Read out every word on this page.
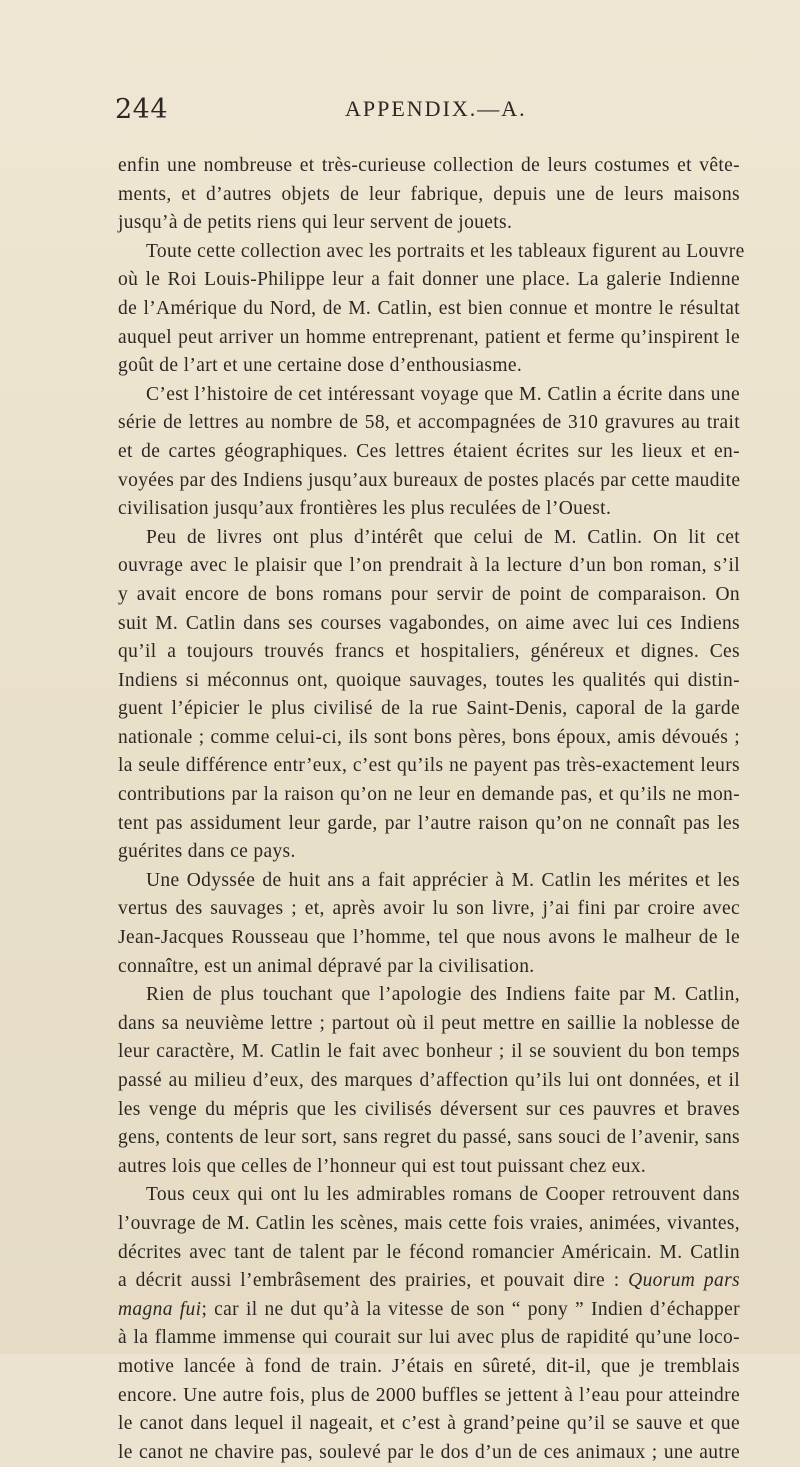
244	APPENDIX.—A.
enfin une nombreuse et très-curieuse collection de leurs costumes et vête-
ments, et d’autres objets de leur fabrique, depuis une de leurs maisons
jusqu’à de petits riens qui leur servent de jouets.
Toute cette collection avec les portraits et les tableaux figurent au Louvre
où le Roi Louis-Philippe leur a fait donner une place. La galerie Indienne
de l’Amérique du Nord, de M. Catlin, est bien connue et montre le résultat
auquel peut arriver un homme entreprenant, patient et ferme qu’inspirent le
goût de l’art et une certaine dose d’enthousiasme.
C’est l’histoire de cet intéressant voyage que M. Catlin a écrite dans une
série de lettres au nombre de 58, et accompagnées de 310 gravures au trait
et de cartes géographiques. Ces lettres étaient écrites sur les lieux et en-
voyées par des Indiens jusqu’aux bureaux de postes placés par cette maudite
civilisation jusqu’aux frontières les plus reculées de l’Ouest.
Peu de livres ont plus d’intérêt que celui de M. Catlin. On lit cet
ouvrage avec le plaisir que l’on prendrait à la lecture d’un bon roman, s’il
y avait encore de bons romans pour servir de point de comparaison. On
suit M. Catlin dans ses courses vagabondes, on aime avec lui ces Indiens
qu’il a toujours trouvés francs et hospitaliers, généreux et dignes. Ces
Indiens si méconnus ont, quoique sauvages, toutes les qualités qui distin-
guent l’épicier le plus civilisé de la rue Saint-Denis, caporal de la garde
nationale ; comme celui-ci, ils sont bons pères, bons époux, amis dévoués ;
la seule différence entr’eux, c’est qu’ils ne payent pas très-exactement leurs
contributions par la raison qu’on ne leur en demande pas, et qu’ils ne mon-
tent pas assidument leur garde, par l’autre raison qu’on ne connaît pas les
guérites dans ce pays.
Une Odyssée de huit ans a fait apprécier à M. Catlin les mérites et les
vertus des sauvages ; et, après avoir lu son livre, j’ai fini par croire avec
Jean-Jacques Rousseau que l’homme, tel que nous avons le malheur de le
connaître, est un animal dépravé par la civilisation.
Rien de plus touchant que l’apologie des Indiens faite par M. Catlin,
dans sa neuvième lettre ; partout où il peut mettre en saillie la noblesse de
leur caractère, M. Catlin le fait avec bonheur ; il se souvient du bon temps
passé au milieu d’eux, des marques d’affection qu’ils lui ont données, et il
les venge du mépris que les civilisés déversent sur ces pauvres et braves
gens, contents de leur sort, sans regret du passé, sans souci de l’avenir, sans
autres lois que celles de l’honneur qui est tout puissant chez eux.
Tous ceux qui ont lu les admirables romans de Cooper retrouvent dans
l’ouvrage de M. Catlin les scènes, mais cette fois vraies, animées, vivantes,
décrites avec tant de talent par le fécond romancier Américain. M. Catlin
a décrit aussi l’embrâsement des prairies, et pouvait dire : Quorum pars
magna fui; car il ne dut qu’à la vitesse de son “ pony ” Indien d’échapper
à la flamme immense qui courait sur lui avec plus de rapidité qu’une loco-
motive lancée à fond de train. J’étais en sûreté, dit-il, que je tremblais
encore. Une autre fois, plus de 2000 buffles se jettent à l’eau pour atteindre
le canot dans lequel il nageait, et c’est à grand’peine qu’il se sauve et que
le canot ne chavire pas, soulevé par le dos d’un de ces animaux ; une autre
